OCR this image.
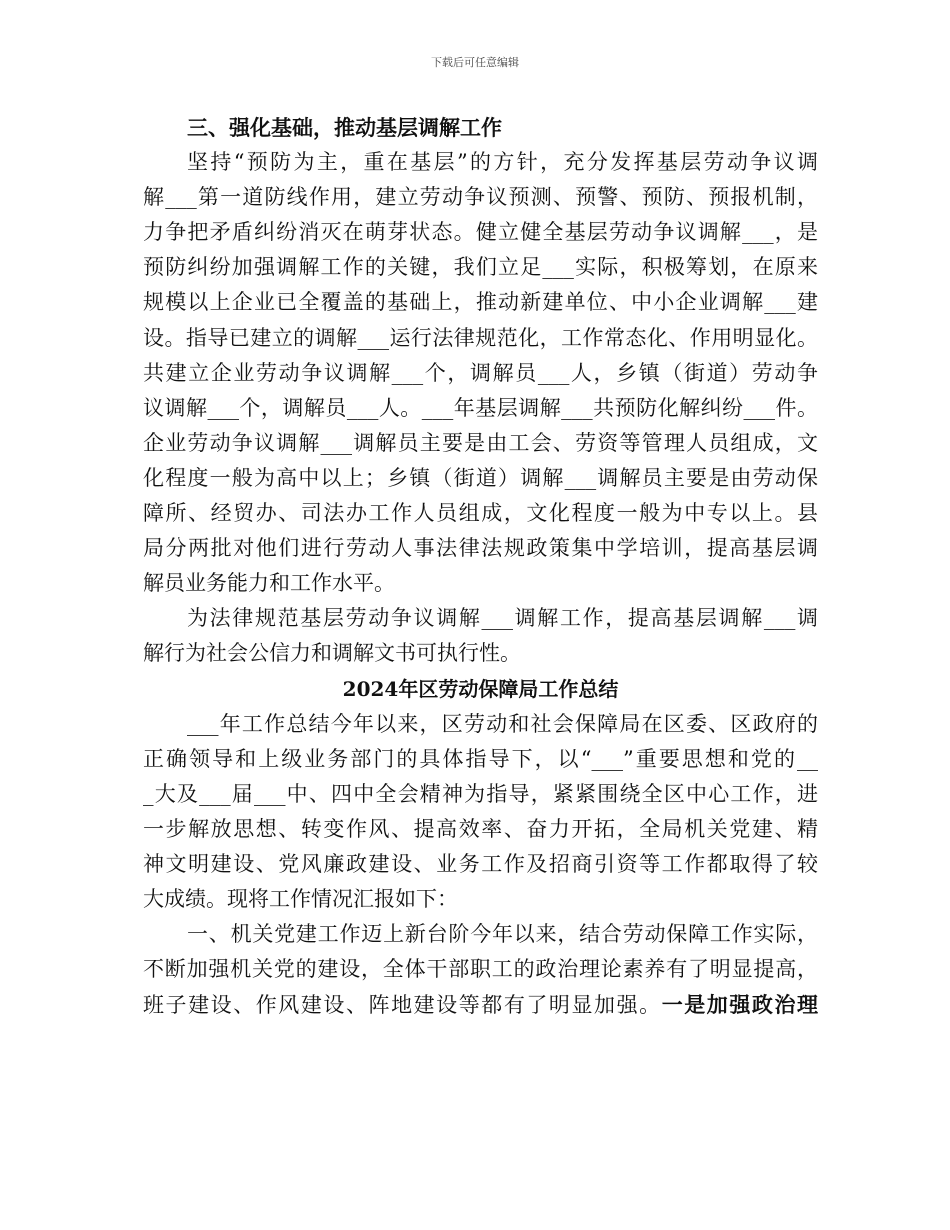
下载后可任意编辑
三、强化基础，推动基层调解工作
坚持“预防为主，重在基层”的方针，充分发挥基层劳动争议调
解___第一道防线作用，建立劳动争议预测、预警、预防、预报机制，
力争把矛盾纠纷消灭在萌芽状态。健立健全基层劳动争议调解___，是
预防纠纷加强调解工作的关键，我们立足___实际，积极筹划，在原来
规模以上企业已全覆盖的基础上，推动新建单位、中小企业调解___建
设。指导已建立的调解___运行法律规范化，工作常态化、作用明显化。
共建立企业劳动争议调解___个，调解员___人，乡镇（街道）劳动争
议调解___个，调解员___人。___年基层调解___共预防化解纠纷___件。
企业劳动争议调解___调解员主要是由工会、劳资等管理人员组成，文
化程度一般为高中以上；乡镇（街道）调解___调解员主要是由劳动保
障所、经贸办、司法办工作人员组成，文化程度一般为中专以上。县
局分两批对他们进行劳动人事法律法规政策集中学培训，提高基层调
解员业务能力和工作水平。
为法律规范基层劳动争议调解___调解工作，提高基层调解___调
解行为社会公信力和调解文书可执行性。
2024年区劳动保障局工作总结
___年工作总结今年以来，区劳动和社会保障局在区委、区政府的
正确领导和上级业务部门的具体指导下，以“___”重要思想和党的__
_大及___届___中、四中全会精神为指导，紧紧围绕全区中心工作，进
一步解放思想、转变作风、提高效率、奋力开拓，全局机关党建、精
神文明建设、党风廉政建设、业务工作及招商引资等工作都取得了较
大成绩。现将工作情况汇报如下：
一、机关党建工作迈上新台阶今年以来，结合劳动保障工作实际，
不断加强机关党的建设，全体干部职工的政治理论素养有了明显提高，
班子建设、作风建设、阵地建设等都有了明显加强。一是加强政治理
